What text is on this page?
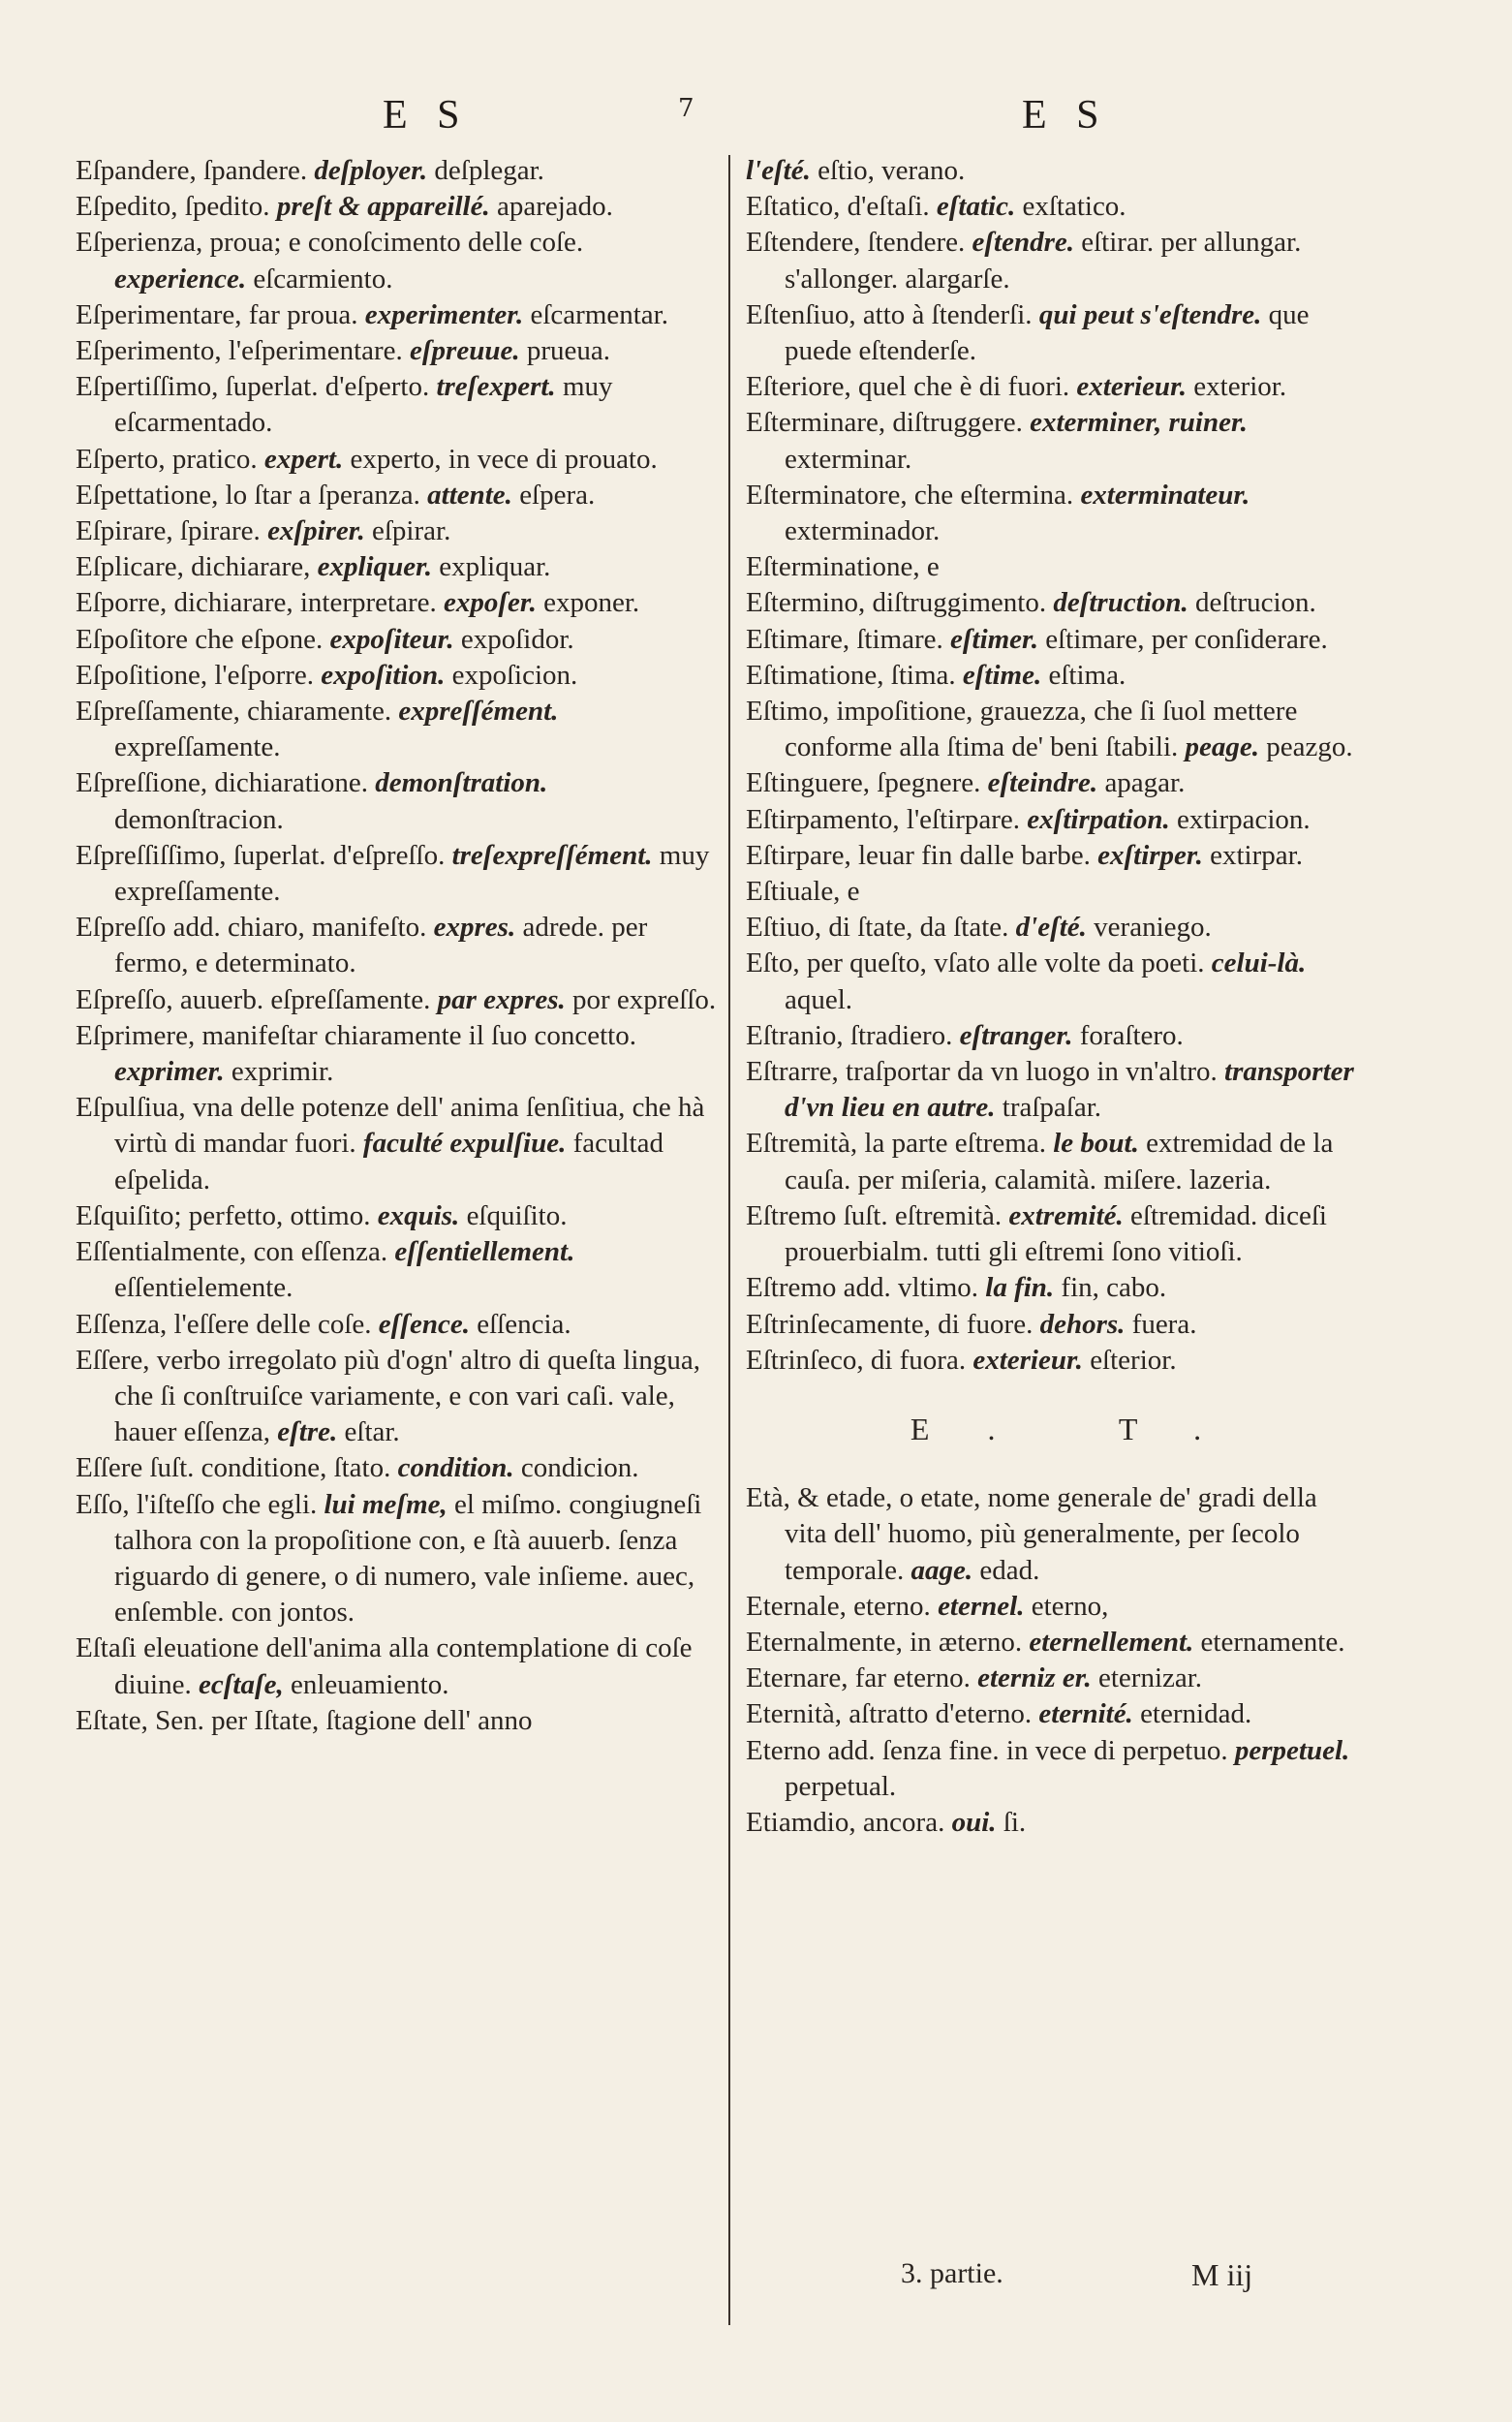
E S	7	E S

Eſpandere, ſpandere. deſployer. deſplegar.

Eſpedito, ſpedito. preſt & appareillé. aparejado.

Eſperienza, proua; e conoſcimento delle coſe. experience. eſcarmiento.

Eſperimentare, far proua. experimenter. eſcarmentar.

Eſperimento, l'eſperimentare. eſpreuue. prueua.

Eſpertiſſimo, ſuperlat. d'eſperto. treſexpert. muy eſcarmentado.

Eſperto, pratico. expert. experto, in vece di prouato.

Eſpettatione, lo ſtar a ſperanza. attente. eſpera.

Eſpirare, ſpirare. exſpirer. eſpirar.

Eſplicare, dichiarare, expliquer. expliquar.

Eſporre, dichiarare, interpretare. expoſer. exponer.

Eſpoſitore che eſpone. expoſiteur. expoſidor.

Eſpoſitione, l'eſporre. expoſition. expoſicion.

Eſpreſſamente, chiaramente. expreſſément. expreſſamente.

Eſpreſſione, dichiaratione. demonſtration. demonſtracion.

Eſpreſſiſſimo, ſuperlat. d'eſpreſſo. treſexpreſſément. muy expreſſamente.

Eſpreſſo add. chiaro, manifeſto. expres. adrede. per fermo, e determinato.

Eſpreſſo, auuerb. eſpreſſamente. par expres. por expreſſo.

Eſprimere, manifeſtar chiaramente il ſuo concetto. exprimer. exprimir.

Eſpulſiua, vna delle potenze dell' anima ſenſitiua, che hà virtù di mandar fuori. faculté expulſiue. facultad eſpelida.

Eſquiſito; perfetto, ottimo. exquis. eſquiſito.

Eſſentialmente, con eſſenza. eſſentiellement. eſſentielemente.

Eſſenza, l'eſſere delle coſe. eſſence. eſſencia.

Eſſere, verbo irregolato più d'ogn' altro di queſta lingua, che ſi conſtruiſce variamente, e con vari caſi. vale, hauer eſſenza, eſtre. eſtar.

Eſſere ſuſt. conditione, ſtato. condition. condicion.

Eſſo, l'iſteſſo che egli. lui meſme, el miſmo. congiugneſi talhora con la propoſitione con, e ſtà auuerb. ſenza riguardo di genere, o di numero, vale inſieme. auec, enſemble. con jontos.

Eſtaſi eleuatione dell'anima alla contemplatione di coſe diuine. ecſtaſe, enleuamiento.

Eſtate, Sen. per Iſtate, ſtagione dell' anno

l'eſté. eſtio, verano.

Eſtatico, d'eſtaſi. eſtatic. exſtatico.

Eſtendere, ſtendere. eſtendre. eſtirar. per allungar. s'allonger. alargarſe.

Eſtenſiuo, atto à ſtenderſi. qui peut s'eſtendre. que puede eſtenderſe.

Eſteriore, quel che è di fuori. exterieur. exterior.

Eſterminare, diſtruggere. exterminer, ruiner. exterminar.

Eſterminatore, che eſtermina. exterminateur. exterminador.

Eſterminatione, e

Eſtermino, diſtruggimento. deſtruction. deſtrucion.

Eſtimare, ſtimare. eſtimer. eſtimare, per conſiderare.

Eſtimatione, ſtima. eſtime. eſtima.

Eſtimo, impoſitione, grauezza, che ſi ſuol mettere conforme alla ſtima de' beni ſtabili. peage. peazgo.

Eſtinguere, ſpegnere. eſteindre. apagar.

Eſtirpamento, l'eſtirpare. exſtirpation. extirpacion.

Eſtirpare, leuar fin dalle barbe. exſtirper. extirpar.

Eſtiuale, e

Eſtiuo, di ſtate, da ſtate. d'eſté. veraniego.

Eſto, per queſto, vſato alle volte da poeti. celui-là. aquel.

Eſtranio, ſtradiero. eſtranger. foraſtero.

Eſtrarre, traſportar da vn luogo in vn'altro. transporter d'vn lieu en autre. traſpaſar.

Eſtremità, la parte eſtrema. le bout. extremidad de la cauſa. per miſeria, calamità. miſere. lazeria.

Eſtremo ſuſt. eſtremità. extremité. eſtremidad. diceſi prouerbialm. tutti gli eſtremi ſono vitioſi.

Eſtremo add. vltimo. la fin. fin, cabo.

Eſtrinſecamente, di fuore. dehors. fuera.

Eſtrinſeco, di fuora. exterieur. eſterior.

E. T.

Età, & etade, o etate, nome generale de' gradi della vita dell' huomo, più generalmente, per ſecolo temporale. aage. edad.

Eternale, eterno. eternel. eterno,

Eternalmente, in æterno. eternellement. eternamente.

Eternare, far eterno. eterniz er. eternizar.

Eternità, aſtratto d'eterno. eternité. eternidad.

Eterno add. ſenza fine. in vece di perpetuo. perpetuel. perpetual.

Etiamdio, ancora. oui. ſi.

3. partie.	M iij
